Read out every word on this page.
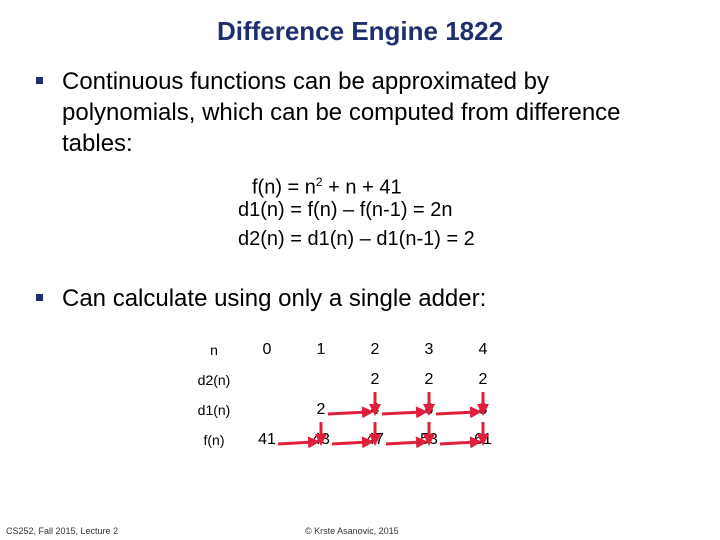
Difference Engine 1822
Continuous functions can be approximated by polynomials, which can be computed from difference tables:
$f(n) = n^2 + n + 41$
d1(n) = f(n) – f(n-1) = 2n
d2(n) = d1(n) – d1(n-1) = 2
Can calculate using only a single adder:
n	0	1	2	3	4
d2(n)			2	2	2
d1(n)		2	4	6	8
f(n)	41	43	47	53	61
CS252, Fall 2015, Lecture 2	© Krste Asanovic, 2015
